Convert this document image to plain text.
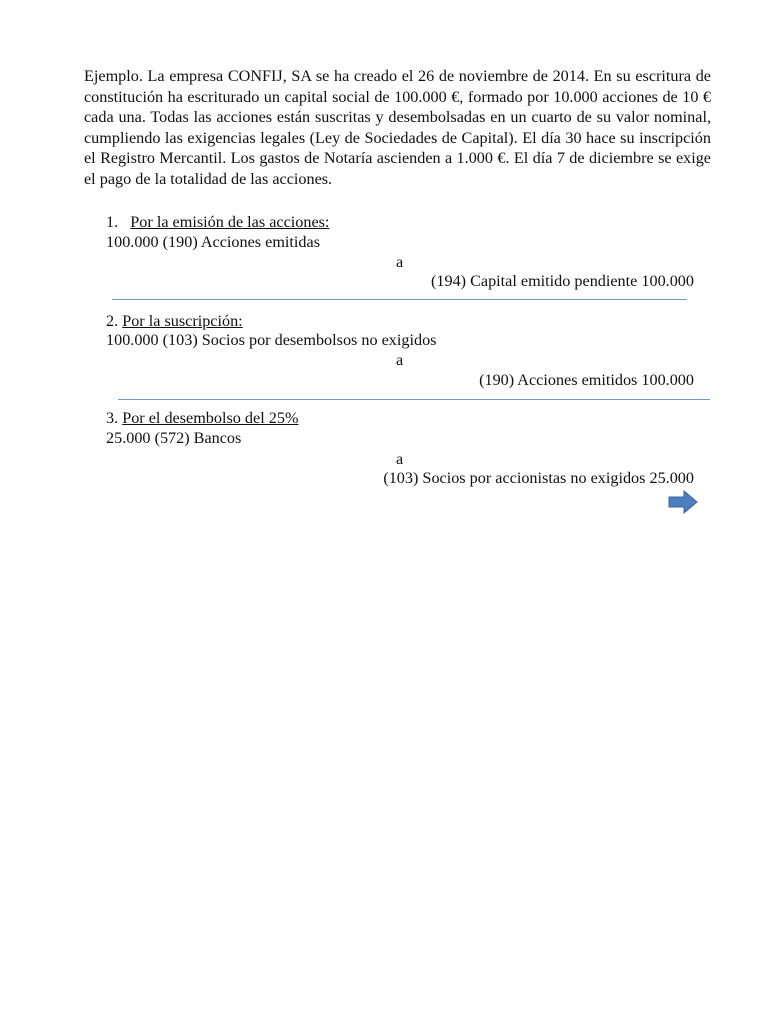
Ejemplo. La empresa CONFIJ, SA se ha creado el 26 de noviembre de 2014. En su escritura de constitución ha escriturado un capital social de 100.000 €, formado por 10.000 acciones de 10 € cada una. Todas las acciones están suscritas y desembolsadas en un cuarto de su valor nominal, cumpliendo las exigencias legales (Ley de Sociedades de Capital). El día 30 hace su inscripción el Registro Mercantil. Los gastos de Notaría ascienden a 1.000 €. El día 7 de diciembre se exige el pago de la totalidad de las acciones.

1. Por la emisión de las acciones:
100.000 (190) Acciones emitidas
a
(194) Capital emitido pendiente 100.000
2. Por la suscripción:
100.000 (103) Socios por desembolsos no exigidos
a
(190) Acciones emitidos 100.000
3. Por el desembolso del 25%
25.000 (572) Bancos
a
(103) Socios por accionistas no exigidos 25.000
